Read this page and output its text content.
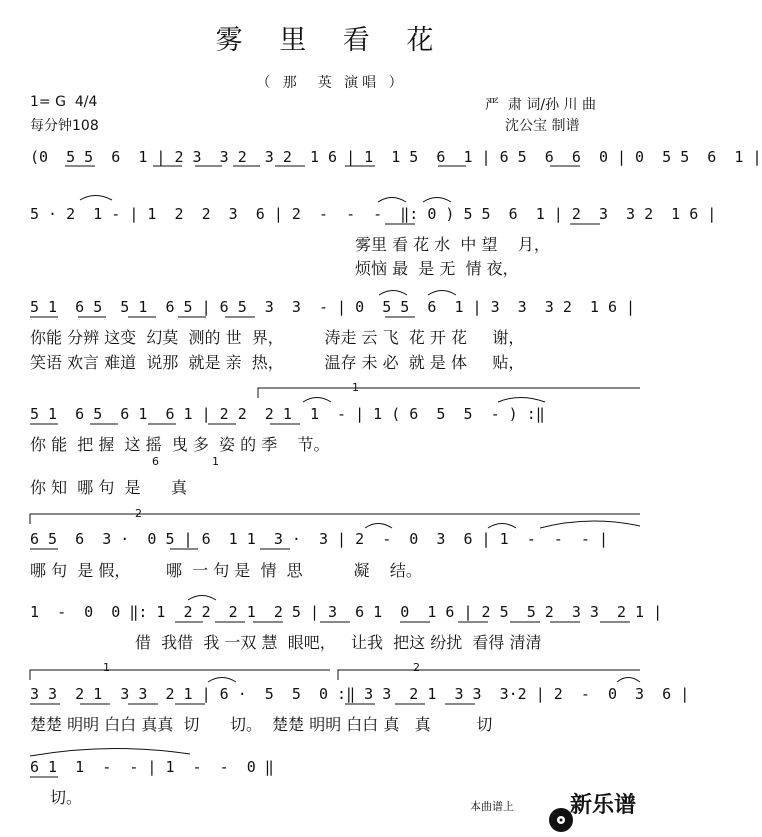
雾 里 看 花
（ 那  英 演唱 ）
1= G  4/4
每分钟108
严  肃 词/孙 川 曲
沈公宝 制谱
(0  5 5  6  1 | 2 3  3 2  3 2  1 6 | 1  1 5  6  1 | 6 5  6  6  0 | 0  5 5  6  1 |
5 · 2  1 - | 1  2  2  3  6 | 2  -  -  -  ‖: 0 ) 5 5  6  1 | 2  3  3 2  1 6 |
雾里 看 花 水  中 望    月，
烦恼 最  是 无  情 夜，
5 1  6 5  5 1  6 5 | 6 5  3  3  - | 0  5 5  6  1 | 3  3  3 2  1 6 |
你能 分辨 这变  幻莫  测的 世  界，        涛走 云 飞  花 开 花     谢，
笑语 欢言 难道  说那  就是 亲  热，        温存 未 必  就 是 体     贴，
1
5 1  6 5  6 1  6 1 | 2 2  2 1  1  - | 1 ( 6  5  5  - ) :‖
你 能  把 握  这 摇  曳 多  姿 的 季    节。
6	1
你 知  哪 句  是      真
2
6 5  6  3 ·  0 5 | 6  1 1  3 ·  3 | 2  -  0  3  6 | 1  -  -  - |
哪 句  是 假，       哪  一 句 是  情  思          凝    结。
1  -  0  0 ‖: 1  2 2  2 1  2 5 | 3  6 1  0  1 6 | 2 5  5 2  3 3  2 1 |
借  我借  我 一双 慧  眼吧，   让我  把这 纷扰  看得 清清
1	2
3 3  2 1  3 3  2 1 | 6 ·  5  5  0 :‖ 3 3  2 1  3 3  3·2 | 2  -  0  3  6 |
楚楚 明明 白白 真真  切      切。  楚楚 明明 白白 真   真         切
6 1  1  -  - | 1  -  -  0 ‖
切。	本曲谱上

	新乐谱
